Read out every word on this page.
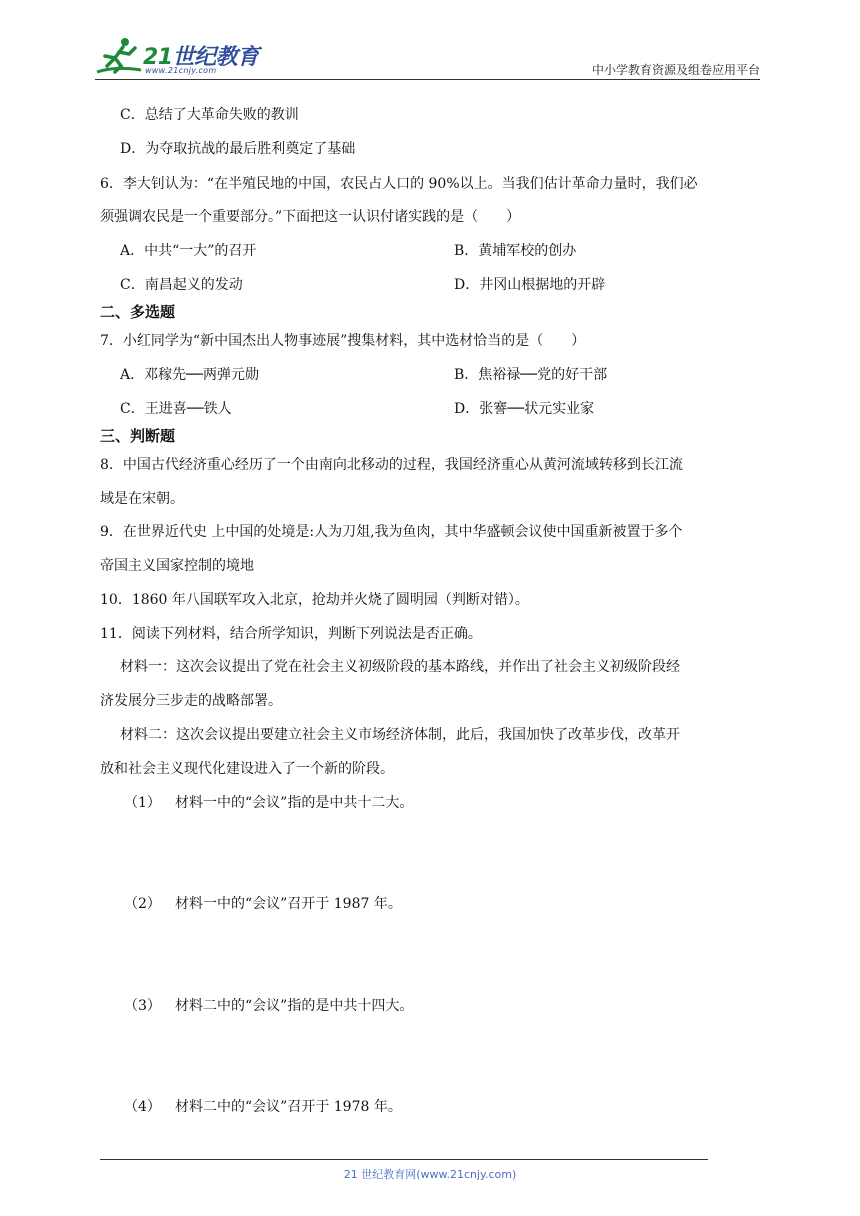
21世纪教育
www.21cnjy.com	中小学教育资源及组卷应用平台
C．总结了大革命失败的教训
D．为夺取抗战的最后胜利奠定了基础
6．李大钊认为：“在半殖民地的中国，农民占人口的 90%以上。当我们估计革命力量时，我们必
须强调农民是一个重要部分。”下面把这一认识付诸实践的是（　　）
A．中共“一大”的召开	B．黄埔军校的创办
C．南昌起义的发动	D．井冈山根据地的开辟
二、多选题
7．小红同学为“新中国杰出人物事迹展”搜集材料，其中选材恰当的是（　　）
A．邓稼先──两弹元勋	B．焦裕禄──党的好干部
C．王进喜──铁人	D．张謇──状元实业家
三、判断题
8．中国古代经济重心经历了一个由南向北移动的过程，我国经济重心从黄河流域转移到长江流
域是在宋朝。
9．在世界近代史 上中国的处境是:人为刀俎,我为鱼肉，其中华盛顿会议使中国重新被置于多个
帝国主义国家控制的境地
10．1860 年八国联军攻入北京，抢劫并火烧了圆明园（判断对错）。
11．阅读下列材料，结合所学知识，判断下列说法是否正确。
材料一：这次会议提出了党在社会主义初级阶段的基本路线，并作出了社会主义初级阶段经
济发展分三步走的战略部署。
材料二：这次会议提出要建立社会主义市场经济体制，此后，我国加快了改革步伐，改革开
放和社会主义现代化建设进入了一个新的阶段。
（1） 材料一中的“会议”指的是中共十二大。
（2） 材料一中的“会议”召开于 1987 年。
（3） 材料二中的“会议”指的是中共十四大。
（4） 材料二中的“会议”召开于 1978 年。
21 世纪教育网(www.21cnjy.com)
